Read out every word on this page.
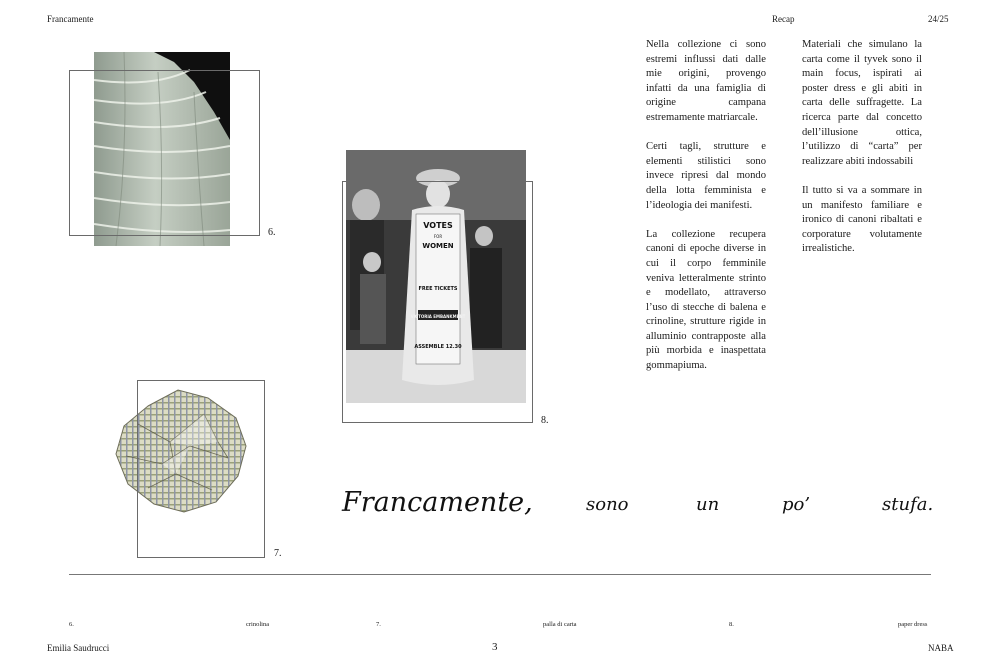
Francamente	Recap	24/25
6.
VOTES
FOR
WOMEN
FREE TICKETS
VICTORIA EMBANKMENT
ASSEMBLE 12.30
8.
7.

Nella collezione ci sono estremi influssi dati dalle mie origini, provengo infatti da una famiglia di origine campana estremamente matriarcale.

Certi tagli, strutture e elementi stilistici sono invece ripresi dal mondo della lotta femminista e l’ideologia dei manifesti.

La collezione recupera canoni di epoche diverse in cui il corpo femminile veniva letteralmente strinto e modellato, attraverso l’uso di stecche di balena e crinoline, strutture rigide in alluminio contrapposte alla più morbida e inaspettata gommapiuma.

Materiali che simulano la carta come il tyvek sono il main focus, ispirati ai poster dress e gli abiti in carta delle suffragette. La ricerca parte dal concetto dell’illusione ottica, l’utilizzo di “carta” per realizzare abiti indossabili

Il tutto si va a sommare in un manifesto familiare e ironico di canoni ribaltati e corporature volutamente irrealistiche.

Francamente,	sono	un	po’	stufa.
6.	crinolina	7.	palla di carta	8.	paper dress
Emilia Saudrucci	3	NABA
